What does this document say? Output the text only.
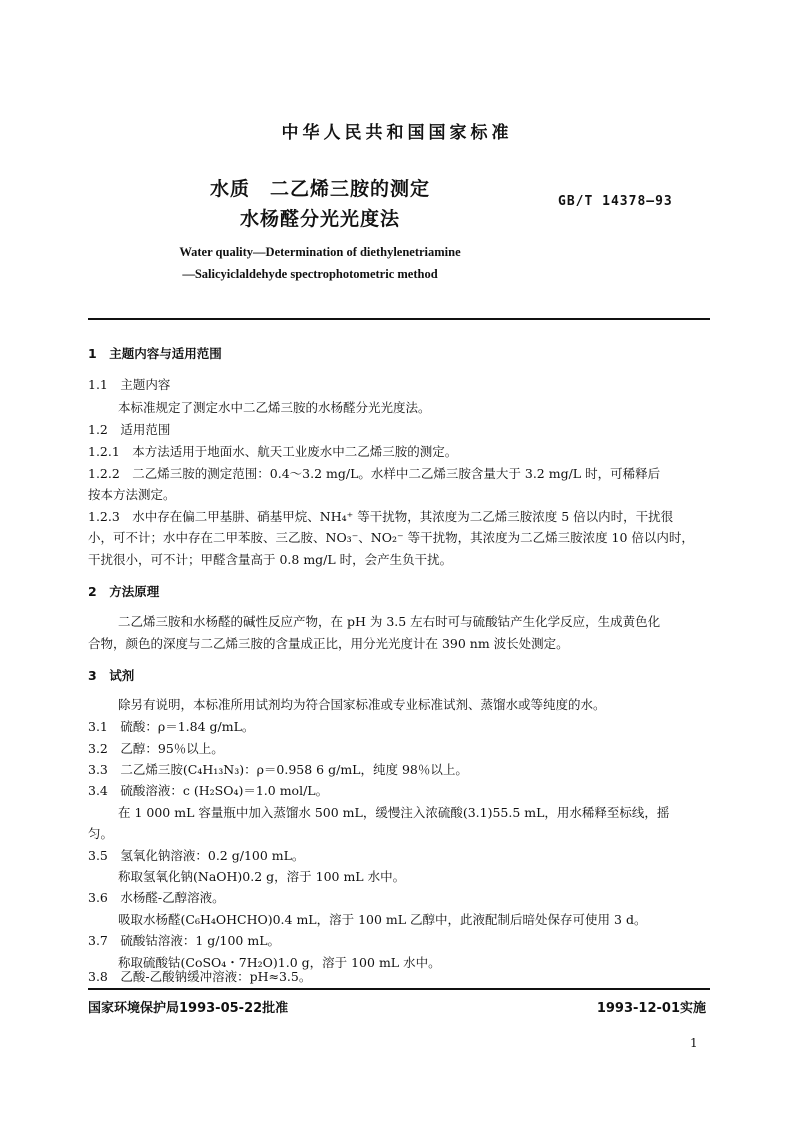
中华人民共和国国家标准
水质　二乙烯三胺的测定
水杨醛分光光度法
GB/T 14378—93
Water quality—Determination of diethylenetriamine
—Salicyiclaldehyde spectrophotometric method
1　主题内容与适用范围
1.1　主题内容
本标准规定了测定水中二乙烯三胺的水杨醛分光光度法。
1.2　适用范围
1.2.1　本方法适用于地面水、航天工业废水中二乙烯三胺的测定。
1.2.2　二乙烯三胺的测定范围：0.4～3.2 mg/L。水样中二乙烯三胺含量大于 3.2 mg/L 时，可稀释后
按本方法测定。
1.2.3　水中存在偏二甲基肼、硝基甲烷、NH₄⁺ 等干扰物，其浓度为二乙烯三胺浓度 5 倍以内时，干扰很
小，可不计；水中存在二甲苯胺、三乙胺、NO₃⁻、NO₂⁻ 等干扰物，其浓度为二乙烯三胺浓度 10 倍以内时，
干扰很小，可不计；甲醛含量高于 0.8 mg/L 时，会产生负干扰。
2　方法原理
二乙烯三胺和水杨醛的碱性反应产物，在 pH 为 3.5 左右时可与硫酸钴产生化学反应，生成黄色化
合物，颜色的深度与二乙烯三胺的含量成正比，用分光光度计在 390 nm 波长处测定。
3　试剂
除另有说明，本标准所用试剂均为符合国家标准或专业标准试剂、蒸馏水或等纯度的水。
3.1　硫酸：ρ＝1.84 g/mL。
3.2　乙醇：95％以上。
3.3　二乙烯三胺(C₄H₁₃N₃)：ρ＝0.958 6 g/mL，纯度 98％以上。
3.4　硫酸溶液：c (H₂SO₄)＝1.0 mol/L。
在 1 000 mL 容量瓶中加入蒸馏水 500 mL，缓慢注入浓硫酸(3.1)55.5 mL，用水稀释至标线，摇
匀。
3.5　氢氧化钠溶液：0.2 g/100 mL。
称取氢氧化钠(NaOH)0.2 g，溶于 100 mL 水中。
3.6　水杨醛-乙醇溶液。
吸取水杨醛(C₆H₄OHCHO)0.4 mL，溶于 100 mL 乙醇中，此液配制后暗处保存可使用 3 d。
3.7　硫酸钴溶液：1 g/100 mL。
称取硫酸钴(CoSO₄・7H₂O)1.0 g，溶于 100 mL 水中。
3.8　乙酸-乙酸钠缓冲溶液：pH≈3.5。
国家环境保护局1993-05-22批准	1993-12-01实施
1
